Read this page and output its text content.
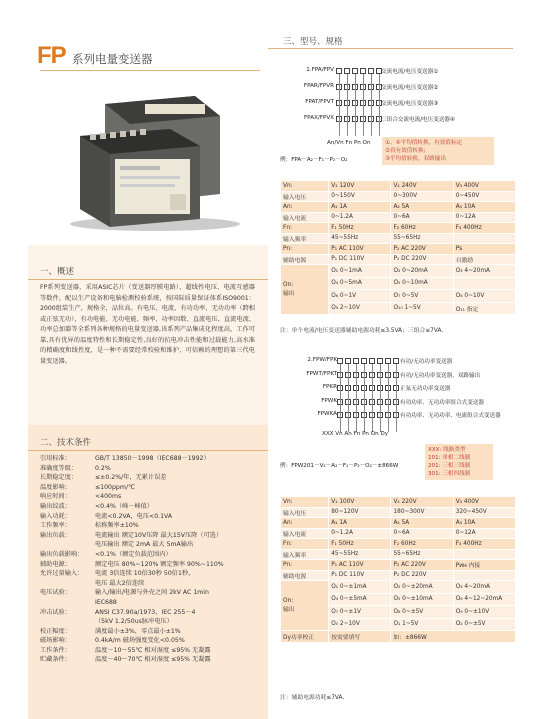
FP 系列电量变送器
一、概述
FP系列变送器，采用ASIC芯片（变送器厚膜电路）、超线性电压、电流互感器等数件，配以生产设备和电脑检测校验系统，按国际质量保证体系ISO9001：2000组装生产，规格全，品位高。有电压、电流、有功功率、无功功率（跨相或正弦无功）、有功电能、无功电能、频率、功率因数、直流电压、直流电流、功率总加器等全系列各种规格的电量变送器,该系列产品集成化程度高，工作可靠,具有优异的温度特性和长期稳定性,良好的抗电冲击性能和过载能力,高水准的精确度和线性度，是一种不需要经常校验和维护、可信赖的理想的第三代电量变送器。
二、技术条件
引用标准：	GB/T 13850－1998（IEC688－1992）
准确度等级：	0.2%
长期稳定度：	≤±0.2%/年，无累计误差
温度影响：	≤100ppm/℃
响应时间：	<400ms
输出纹波：	<0.4%（峰－峰值）
输入功耗：	电流<0.2VA，电压<0.1VA
工作频率：	标称频率±10%
输出负载：	电流输出 额定10V压降 最大15V压降（可选）
电压输出 额定 2mA 最大 5mA输出
输出负载影响：	<0.1%（额定负载范围内）
辅助电源：	额定电压 80%~120% 额定频率 90%~110%
允许过量输入：	电流 3倍连续 10倍30秒 50倍1秒，
电压 最大2倍连续
电压试验：	输入/输出/电源与外壳之间 2kV AC 1min
IEC688
冲击试验：	ANSI C37.90a/1973，IEC 255－4
（5kV 1.2/50us脉冲电压）
校正幅度：	满度最小±3%，零点最小±1%
磁场影响：	0.4kA/m 磁场强度变化<0.05%
工作条件：	温度－10～55℃ 相对湿度 ≤95% 无凝露
贮藏条件：	温度－40～70℃ 相对湿度 ≤95% 无凝露
三、型号、规格
1.FPA/FPV	交流电流/电压变送器①
FPAR/FPVR	交流电流/电压变送器②
FPAT/FPVT	交流电流/电压变送器③
FPAX/FPVX	三组合交流电流/电压变送器④
Vn:	V₁ 120V	V₂ 240V	V₃ 400V
输入电压	0~150V	0~300V	0~450V
An:	A₁ 1A	A₂ 5A	A₃ 10A
输入电流	0~1.2A	0~6A	0~12A
Fn:	F₁ 50Hz	F₂ 60Hz	F₃ 400Hz
输入频率	45~55Hz	55~65Hz	
Pn:	P₁ AC 110V	P₂ AC 220V	Ps
辅助电源	P₁ DC 110V	P₂ DC 220V	自激励

On:
输出	O₁ 0~1mA	O₂ 0~20mA	O₃ 4~20mA
	O₄ 0~5mA	O₅ 0~10mA	
	O₆ 0~1V	O₇ 0~5V	O₈ 0~10V
	O₉ 2~10V	O₁₀ 1~5V	O₁₁ 指定
注：单个电流/电压变送器辅助电源功耗≤3.5VA；三组合≤7VA.
2.FPW/FPK	有功/无功功率变送器
FPWT/FPKT	有功/无功功率变送器，双路输出
FPKR	正弦无功功率变送器
FPWK	有功功率、无功功率组合式变送器
FPWKA	有功功率、无功功率、电流组合式变送器
Vn:	V₁ 100V	V₂ 220V	V₃ 400V
输入电压	80~120V	180~300V	320~450V
An:	A₁ 1A	A₂ 5A	A₃ 10A
输入电流	0~1.2A	0~6A	0~12A
Fn:	F₁ 50Hz	F₂ 60Hz	F₃ 400Hz
输入频率	45~55Hz	55~65Hz	
Pn:	P₁ AC 110V	P₂ AC 220V	Pин 内接
辅助电源	P₁ DC 110V	P₂ DC 220V	

On:
输出	O₁ 0~±1mA	O₂ 0~±20mA	O₃ 4~20mA
	O₄ 0~±5mA	O₅ 0~±10mA	O₆ 4~12~20mA
	O₇ 0~±1V	O₈ 0~±5V	O₉ 0~±10V
	O₀ 2~10V	O₁ 1~5V	O₂ 0~±5V
Dy功率校正	按需要填写	如：±866W	
注：辅助电源功耗≤7VA.
An/Vn Fn Pn On
例：FPA－A₂－F₁－P₂－O₂
①、④平均值转换，有效值标定
②真有效值转换;
③平均值转换，双路输出
XXX Vn An Fn Pn On Dy
例：FPW201－V₂－A₂－F₁－P₂－O₂－±866W
XXX: 线路类型
101: 单相二线制
201: 三相三线制
301: 三相四线制
